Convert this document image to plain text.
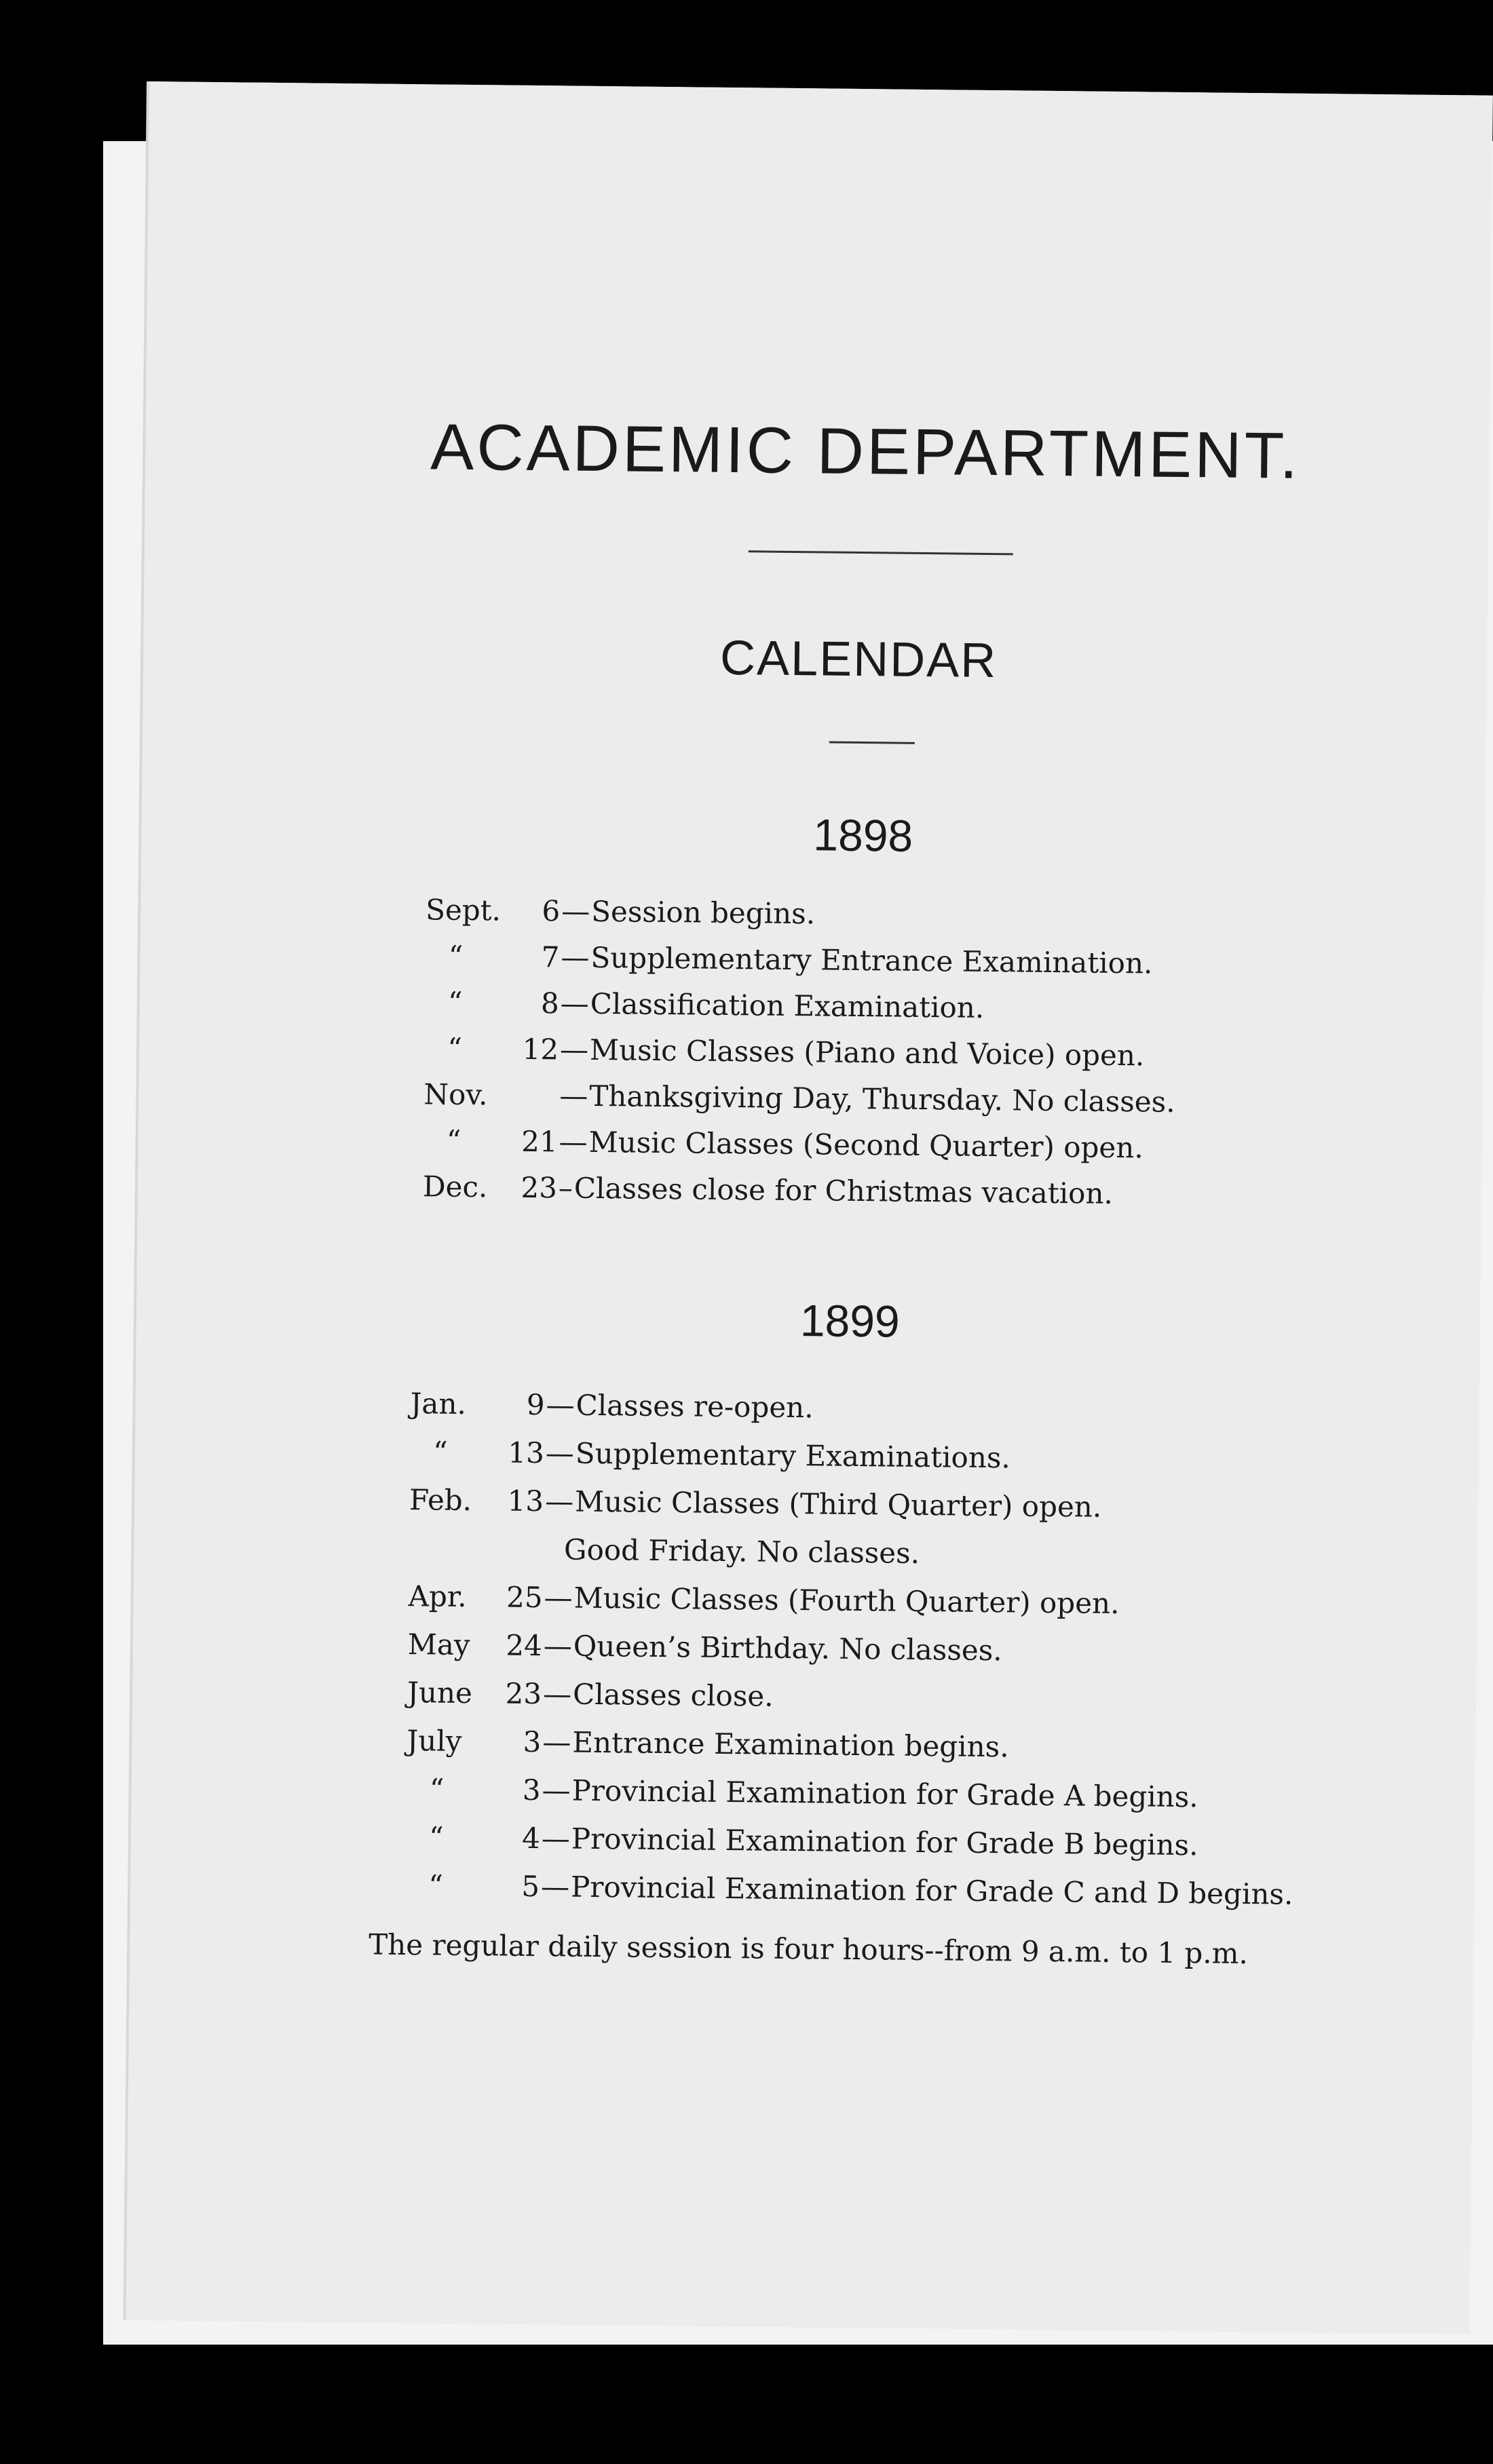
ACADEMIC DEPARTMENT.
CALENDAR
1898
Sept.	6 — Session begins.
“	7 — Supplementary Entrance Examination.
“	8 — Classification Examination.
“	12 — Music Classes (Piano and Voice) open.
Nov.	— Thanksgiving Day, Thursday. No classes.
“	21 — Music Classes (Second Quarter) open.
Dec.	23 – Classes close for Christmas vacation.
1899
Jan.	9 — Classes re-open.
“	13 — Supplementary Examinations.
Feb.	13 — Music Classes (Third Quarter) open.

Good Friday. No classes.
Apr.	25 — Music Classes (Fourth Quarter) open.
May	24 — Queen’s Birthday. No classes.
June	23 — Classes close.
July	3 — Entrance Examination begins.
“	3 — Provincial Examination for Grade A begins.
“	4 — Provincial Examination for Grade B begins.
“	5 — Provincial Examination for Grade C and D begins.

The regular daily session is four hours--from 9 a.m. to 1 p.m.
